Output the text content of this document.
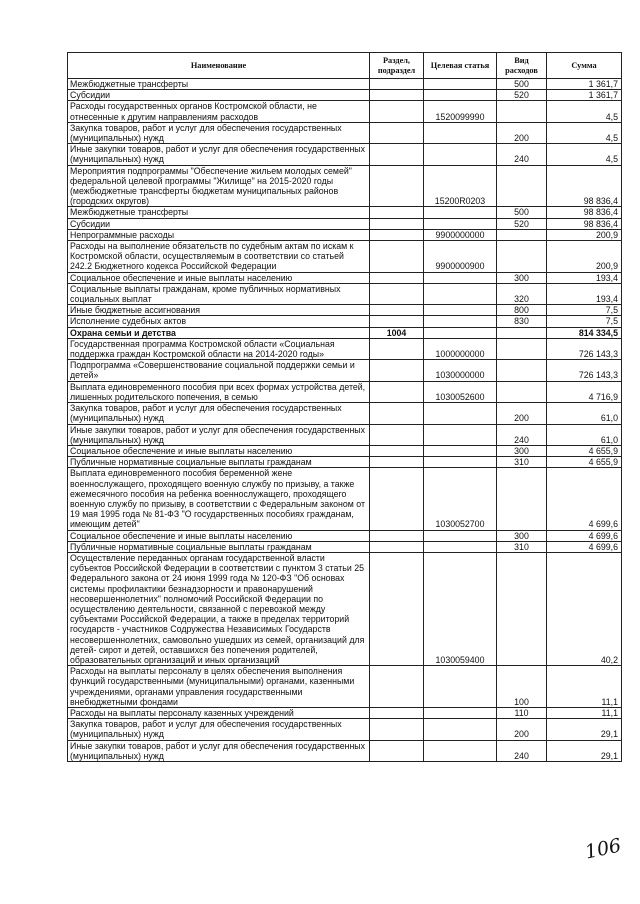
Наименование	Раздел, подраздел	Целевая статья	Вид расходов	Сумма
Межбюджетные трансферты			500	1 361,7
Субсидии			520	1 361,7
Расходы государственных органов Костромской области, не отнесенные к другим направлениям расходов		1520099990		4,5
Закупка товаров, работ и услуг для обеспечения государственных (муниципальных) нужд			200	4,5
Иные закупки товаров, работ и услуг для обеспечения государственных (муниципальных) нужд			240	4,5
Мероприятия подпрограммы "Обеспечение жильем молодых семей" федеральной целевой программы "Жилище" на 2015-2020 годы (межбюджетные трансферты бюджетам муниципальных районов (городских округов)		15200R0203		98 836,4
Межбюджетные трансферты			500	98 836,4
Субсидии			520	98 836,4
Непрограммные расходы		9900000000		200,9
Расходы на выполнение обязательств по судебным актам по искам к Костромской области, осуществляемым в соответствии со статьей 242.2 Бюджетного кодекса Российской Федерации		9900000900		200,9
Социальное обеспечение и иные выплаты населению			300	193,4
Социальные выплаты гражданам, кроме публичных нормативных социальных выплат			320	193,4
Иные бюджетные ассигнования			800	7,5
Исполнение судебных актов			830	7,5
Охрана семьи и детства	1004			814 334,5
Государственная программа Костромской области «Социальная поддержка граждан Костромской области на 2014-2020 годы»		1000000000		726 143,3
Подпрограмма «Совершенствование социальной поддержки семьи и детей»		1030000000		726 143,3
Выплата единовременного пособия при всех формах устройства детей, лишенных родительского попечения, в семью		1030052600		4 716,9
Закупка товаров, работ и услуг для обеспечения государственных (муниципальных) нужд			200	61,0
Иные закупки товаров, работ и услуг для обеспечения государственных (муниципальных) нужд			240	61,0
Социальное обеспечение и иные выплаты населению			300	4 655,9
Публичные нормативные социальные выплаты гражданам			310	4 655,9
Выплата единовременного пособия беременной жене военнослужащего, проходящего военную службу по призыву, а также ежемесячного пособия на ребенка военнослужащего, проходящего военную службу по призыву, в соответствии с Федеральным законом от 19 мая 1995 года № 81-ФЗ "О государственных пособиях гражданам, имеющим детей"		1030052700		4 699,6
Социальное обеспечение и иные выплаты населению			300	4 699,6
Публичные нормативные социальные выплаты гражданам			310	4 699,6
Осуществление переданных органам государственной власти субъектов Российской Федерации в соответствии с пунктом 3 статьи 25 Федерального закона от 24 июня 1999 года № 120-ФЗ "Об основах системы профилактики безнадзорности и правонарушений несовершеннолетних" полномочий Российской Федерации по осуществлению деятельности, связанной с перевозкой между субъектами Российской Федерации, а также в пределах территорий государств - участников Содружества Независимых Государств несовершеннолетних, самовольно ушедших из семей, организаций для детей- сирот и детей, оставшихся без попечения родителей, образовательных организаций и иных организаций		1030059400		40,2
Расходы на выплаты персоналу в целях обеспечения выполнения функций государственными (муниципальными) органами, казенными учреждениями, органами управления государственными внебюджетными фондами			100	11,1
Расходы на выплаты персоналу казенных учреждений			110	11,1
Закупка товаров, работ и услуг для обеспечения государственных (муниципальных) нужд			200	29,1
Иные закупки товаров, работ и услуг для обеспечения государственных (муниципальных) нужд			240	29,1
106
